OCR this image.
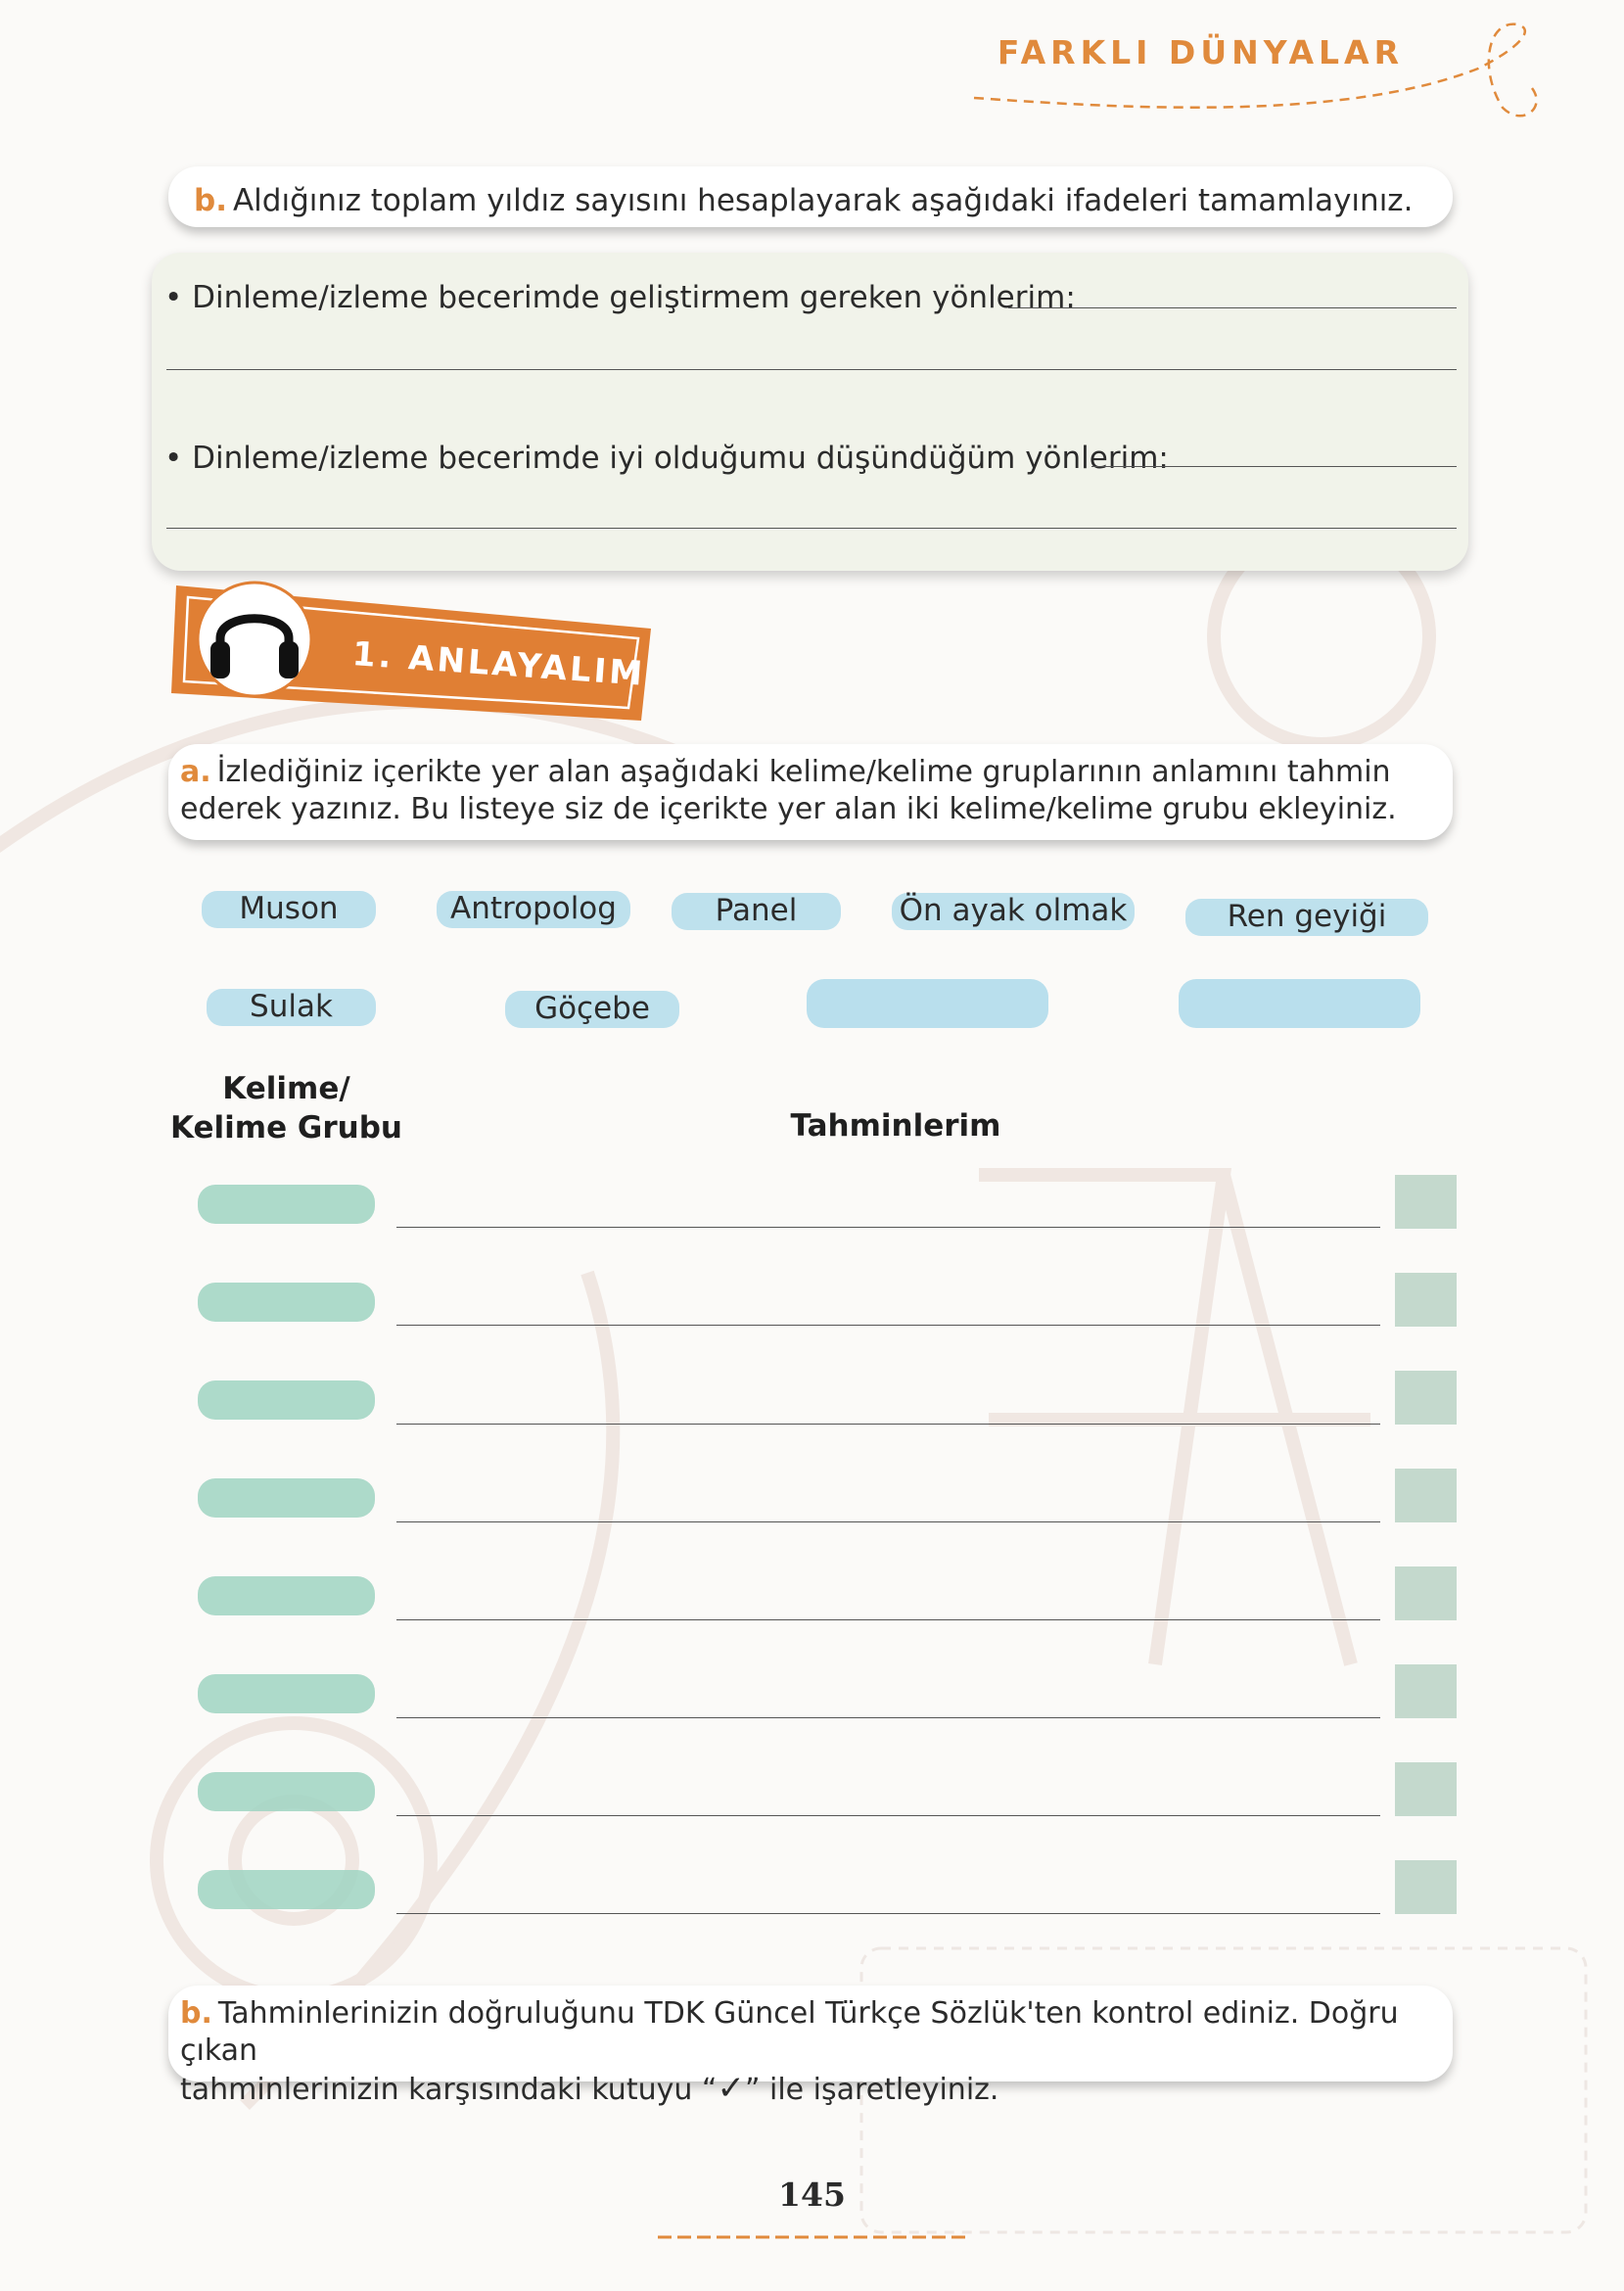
FARKLI DÜNYALAR
b. Aldığınız toplam yıldız sayısını hesaplayarak aşağıdaki ifadeleri tamamlayınız.
• Dinleme/izleme becerimde geliştirmem gereken yönlerim:
• Dinleme/izleme becerimde iyi olduğumu düşündüğüm yönlerim:
1. ANLAYALIM
a. İzlediğiniz içerikte yer alan aşağıdaki kelime/kelime gruplarının anlamını tahmin ederek yazınız. Bu listeye siz de içerikte yer alan iki kelime/kelime grubu ekleyiniz.
Muson	Antropolog	Panel	Ön ayak olmak	Ren geyiği
Sulak	Göçebe
Kelime/ Kelime Grubu	Tahminlerim
b. Tahminlerinizin doğruluğunu TDK Güncel Türkçe Sözlük'ten kontrol ediniz. Doğru çıkan
tahminlerinizin karşısındaki kutuyu “✓” ile işaretleyiniz.
145
